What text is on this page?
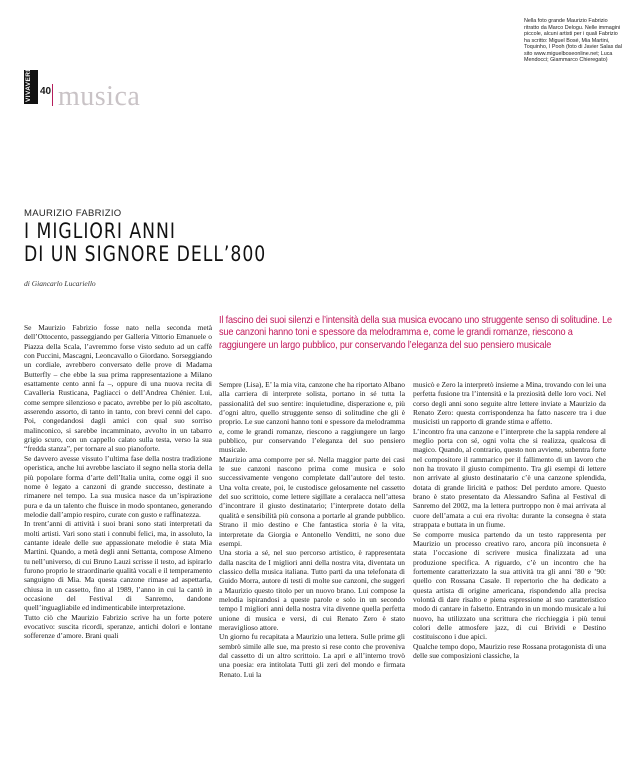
VIVAVERDI 40 musica
Nella foto grande Maurizio Fabrizio ritratto da Marco Delogu. Nelle immagini piccole, alcuni artisti per i quali Fabrizio ha scritto: Miguel Bosé, Mia Martini, Toquinho, I Pooh (foto di Javier Salas dal sito www.miguelboseonline.net; Luca Mendocci; Giammarco Chieregato)
MAURIZIO FABRIZIO
I MIGLIORI ANNI
DI UN SIGNORE DELL’800
di Giancarlo Lucariello
Il fascino dei suoi silenzi e l’intensità della sua musica evocano uno struggente senso di solitudine. Le sue canzoni hanno toni e spessore da melodramma e, come le grandi romanze, riescono a raggiungere un largo pubblico, pur conservando l’eleganza del suo pensiero musicale

Se Maurizio Fabrizio fosse nato nella seconda metà dell’Ottocento, passeggiando per Galleria Vittorio Emanuele o Piazza della Scala, l’avremmo forse visto seduto ad un caffè con Puccini, Mascagni, Leoncavallo o Giordano. Sorseggiando un cordiale, avrebbero conversato delle prove di Madama Butterfly – che ebbe la sua prima rappresentazione a Milano esattamente cento anni fa –, oppure di una nuova recita di Cavalleria Rusticana, Pagliacci o dell’Andrea Chénier. Lui, come sempre silenzioso e pacato, avrebbe per lo più ascoltato, asserendo assorto, di tanto in tanto, con brevi cenni del capo. Poi, congedandosi dagli amici con qual suo sorriso malinconico, si sarebbe incamminato, avvolto in un tabarro grigio scuro, con un cappello calato sulla testa, verso la sua “fredda stanza”, per tornare al suo pianoforte.

Se davvero avesse vissuto l’ultima fase della nostra tradizione operistica, anche lui avrebbe lasciato il segno nella storia della più popolare forma d’arte dell’Italia unita, come oggi il suo nome è legato a canzoni di grande successo, destinate a rimanere nel tempo. La sua musica nasce da un’ispirazione pura e da un talento che fluisce in modo spontaneo, generando melodie dall’ampio respiro, curate con gusto e raffinatezza.

In trent’anni di attività i suoi brani sono stati interpretati da molti artisti. Vari sono stati i connubi felici, ma, in assoluto, la cantante ideale delle sue appassionate melodie è stata Mia Martini. Quando, a metà degli anni Settanta, compose Almeno tu nell’universo, di cui Bruno Lauzi scrisse il testo, ad ispirarlo furono proprio le straordinarie qualità vocali e il temperamento sanguigno di Mia. Ma questa canzone rimase ad aspettarla, chiusa in un cassetto, fino al 1989, l’anno in cui la cantò in occasione del Festival di Sanremo, dandone quell’inguagliabile ed indimenticabile interpretazione.

Tutto ciò che Maurizio Fabrizio scrive ha un forte potere evocativo: suscita ricordi, speranze, antichi dolori e lontane sofferenze d’amore. Brani quali

Sempre (Lisa), E’ la mia vita, canzone che ha riportato Albano alla carriera di interprete solista, portano in sé tutta la passionalità del suo sentire: inquietudine, disperazione e, più d’ogni altro, quello struggente senso di solitudine che gli è proprio. Le sue canzoni hanno toni e spessore da melodramma e, come le grandi romanze, riescono a raggiungere un largo pubblico, pur conservando l’eleganza del suo pensiero musicale.

Maurizio ama comporre per sé. Nella maggior parte dei casi le sue canzoni nascono prima come musica e solo successivamente vengono completate dall’autore del testo. Una volta create, poi, le custodisce gelosamente nel cassetto del suo scrittoio, come lettere sigillate a ceralacca nell’attesa d’incontrare il giusto destinatario; l’interprete dotato della qualità e sensibilità più consona a portarle al grande pubblico. Strano il mio destino e Che fantastica storia è la vita, interpretate da Giorgia e Antonello Venditti, ne sono due esempi.

Una storia a sé, nel suo percorso artistico, è rappresentata dalla nascita de I migliori anni della nostra vita, diventata un classico della musica italiana. Tutto partì da una telefonata di Guido Morra, autore di testi di molte sue canzoni, che suggerì a Maurizio questo titolo per un nuovo brano. Lui compose la melodia ispirandosi a queste parole e solo in un secondo tempo I migliori anni della nostra vita divenne quella perfetta unione di musica e versi, di cui Renato Zero è stato meraviglioso attore.

Un giorno fu recapitata a Maurizio una lettera. Sulle prime gli sembrò simile alle sue, ma presto si rese conto che proveniva dal cassetto di un altro scrittoio. La aprì e all’interno trovò una poesia: era intitolata Tutti gli zeri del mondo e firmata Renato. Lui la

musicò e Zero la interpretò insieme a Mina, trovando con lei una perfetta fusione tra l’intensità e la preziosità delle loro voci. Nel corso degli anni sono seguite altre lettere inviate a Maurizio da Renato Zero: questa corrispondenza ha fatto nascere tra i due musicisti un rapporto di grande stima e affetto.

L’incontro fra una canzone e l’interprete che la sappia rendere al meglio porta con sé, ogni volta che si realizza, qualcosa di magico. Quando, al contrario, questo non avviene, subentra forte nel compositore il rammarico per il fallimento di un lavoro che non ha trovato il giusto compimento. Tra gli esempi di lettere non arrivate al giusto destinatario c’è una canzone splendida, dotata di grande liricità e pathos: Del perduto amore. Questo brano è stato presentato da Alessandro Safina al Festival di Sanremo del 2002, ma la lettera purtroppo non è mai arrivata al cuore dell’amata a cui era rivolta: durante la consegna è stata strappata e buttata in un fiume.

Se comporre musica partendo da un testo rappresenta per Maurizio un processo creativo raro, ancora più inconsueta è stata l’occasione di scrivere musica finalizzata ad una produzione specifica. A riguardo, c’è un incontro che ha fortemente caratterizzato la sua attività tra gli anni ’80 e ’90: quello con Rossana Casale. Il repertorio che ha dedicato a questa artista di origine americana, rispondendo alla precisa volontà di dare risalto e piena espressione al suo caratteristico modo di cantare in falsetto. Entrando in un mondo musicale a lui nuovo, ha utilizzato una scrittura che ricchieggia i più tenui colori delle atmosfere jazz, di cui Brividi e Destino costituiscono i due apici.

Qualche tempo dopo, Maurizio rese Rossana protagonista di una delle sue composizioni classiche, la
